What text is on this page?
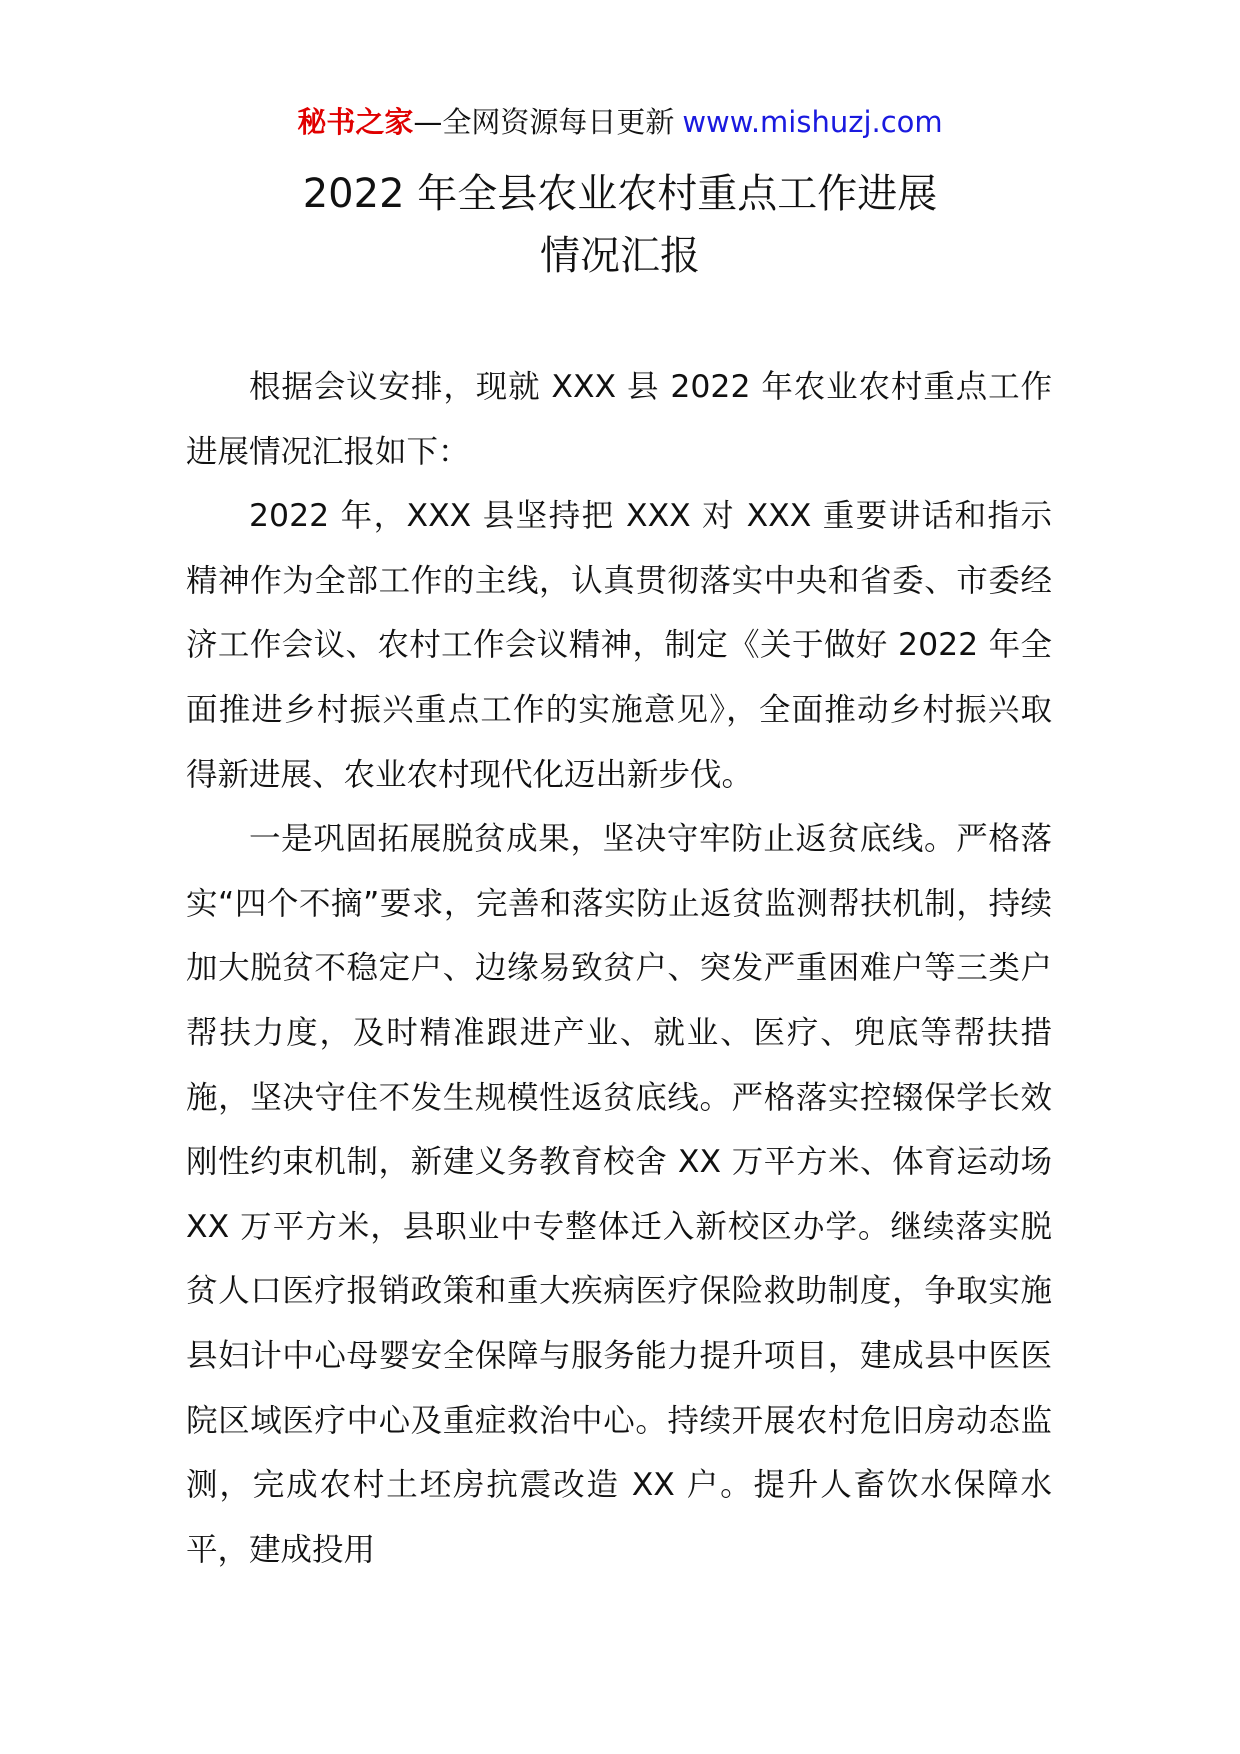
秘书之家—全网资源每日更新 www.mishuzj.com
2022 年全县农业农村重点工作进展
情况汇报

根据会议安排，现就 XXX 县 2022 年农业农村重点工作进展情况汇报如下：

2022 年，XXX 县坚持把 XXX 对 XXX 重要讲话和指示精神作为全部工作的主线，认真贯彻落实中央和省委、市委经济工作会议、农村工作会议精神，制定《关于做好 2022 年全面推进乡村振兴重点工作的实施意见》，全面推动乡村振兴取得新进展、农业农村现代化迈出新步伐。

一是巩固拓展脱贫成果，坚决守牢防止返贫底线。严格落实“四个不摘”要求，完善和落实防止返贫监测帮扶机制，持续加大脱贫不稳定户、边缘易致贫户、突发严重困难户等三类户帮扶力度，及时精准跟进产业、就业、医疗、兜底等帮扶措施，坚决守住不发生规模性返贫底线。严格落实控辍保学长效刚性约束机制，新建义务教育校舍 XX 万平方米、体育运动场 XX 万平方米，县职业中专整体迁入新校区办学。继续落实脱贫人口医疗报销政策和重大疾病医疗保险救助制度，争取实施县妇计中心母婴安全保障与服务能力提升项目，建成县中医医院区域医疗中心及重症救治中心。持续开展农村危旧房动态监测，完成农村土坯房抗震改造 XX 户。提升人畜饮水保障水平，建成投用
